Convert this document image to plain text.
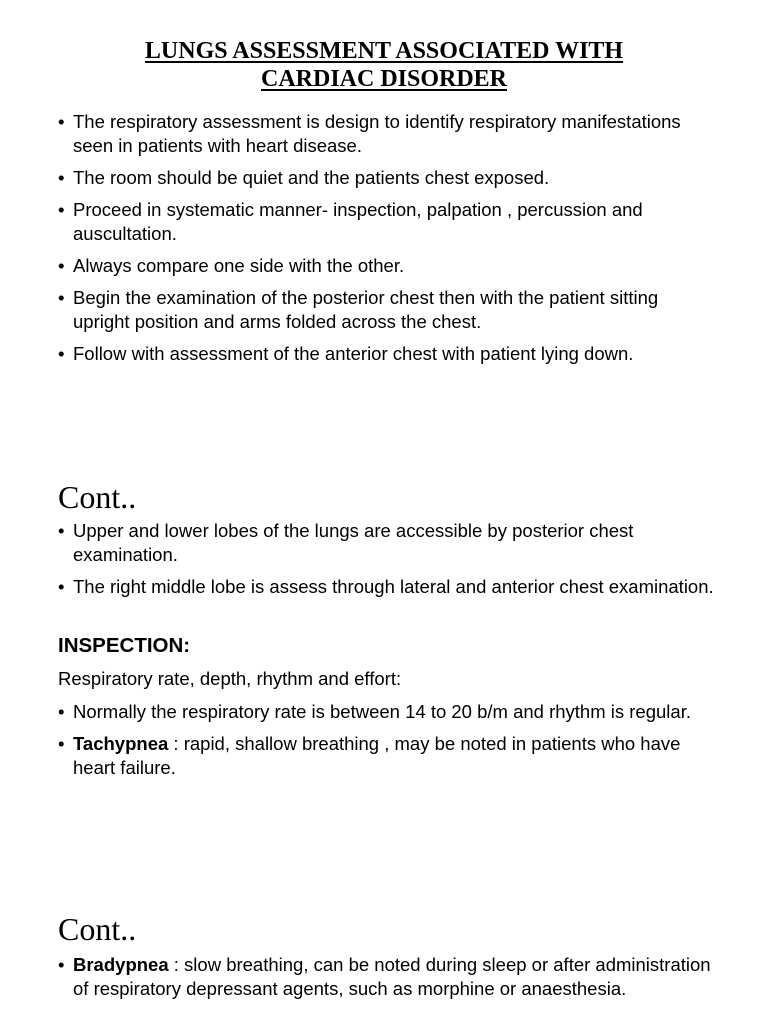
LUNGS ASSESSMENT ASSOCIATED WITH
CARDIAC DISORDER
• The respiratory assessment is design to identify respiratory manifestations seen in patients with heart disease.
• The room should be quiet and the patients chest exposed.
• Proceed in systematic manner- inspection, palpation , percussion and auscultation.
• Always compare one side with the other.
• Begin the examination of the posterior chest then with the patient sitting upright position and arms folded across the chest.
• Follow with assessment of the anterior chest with patient lying down.
Cont..
• Upper and lower lobes of the lungs are accessible by posterior chest examination.
• The right middle lobe is assess through lateral and anterior chest examination.
INSPECTION:
Respiratory rate, depth, rhythm and effort:
• Normally the respiratory rate is between 14 to 20 b/m and rhythm is regular.
• Tachypnea : rapid, shallow breathing , may be noted in patients who have heart failure.
Cont..
• Bradypnea : slow breathing, can be noted during sleep or after administration of respiratory depressant agents, such as morphine or anaesthesia.
